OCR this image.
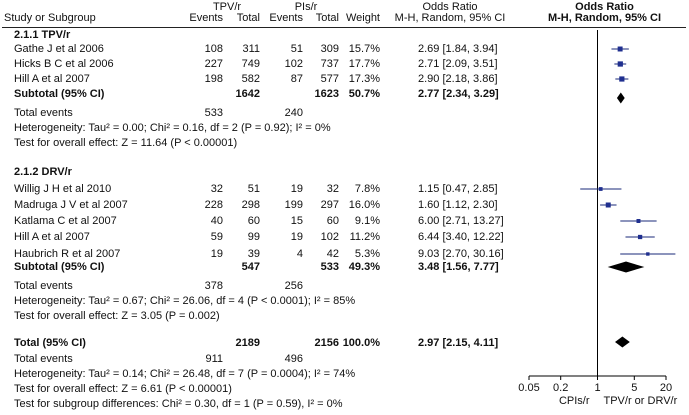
Study or Subgroup
TPV/r	PIs/r
Events	Total Events	Total Weight
Odds Ratio
M-H, Random, 95% CI
Odds Ratio
M-H, Random, 95% CI
2.1.1 TPV/r
Gathe J et al 2006	108	311	51	309 15.7%	2.69 [1.84, 3.94]
Hicks B C et al 2006	227	749	102	737 17.7%	2.71 [2.09, 3.51]
Hill A et al 2007	198	582	87	577 17.3%	2.90 [2.18, 3.86]
Subtotal (95% CI)	1642	1623 50.7%	2.77 [2.34, 3.29]
Total events	533	240
Heterogeneity: Tau² = 0.00; Chi² = 0.16, df = 2 (P = 0.92); I² = 0%
Test for overall effect: Z = 11.64 (P < 0.00001)
2.1.2 DRV/r
Willig J H et al 2010	32	51	19	32	7.8%	1.15 [0.47, 2.85]
Madruga J V et al 2007	228	298	199	297 16.0%	1.60 [1.12, 2.30]
Katlama C et al 2007	40	60	15	60	9.1%	6.00 [2.71, 13.27]
Hill A et al 2007	59	99	19	102 11.2%	6.44 [3.40, 12.22]
Haubrich R et al 2007	19	39	4	42	5.3%	9.03 [2.70, 30.16]
Subtotal (95% CI)	547	533 49.3%	3.48 [1.56, 7.77]
Total events	378	256
Heterogeneity: Tau² = 0.67; Chi² = 26.06, df = 4 (P < 0.0001); I² = 85%
Test for overall effect: Z = 3.05 (P = 0.002)
Total (95% CI)	2189	2156 100.0%	2.97 [2.15, 4.11]
Total events	911	496
Heterogeneity: Tau² = 0.14; Chi² = 26.48, df = 7 (P = 0.0004); I² = 74%
Test for overall effect: Z = 6.61 (P < 0.00001)
Test for subgroup differences: Chi² = 0.30, df = 1 (P = 0.59), I² = 0%
0.05 0.2 1	5 20
CPIs/r TPV/r or DRV/r
